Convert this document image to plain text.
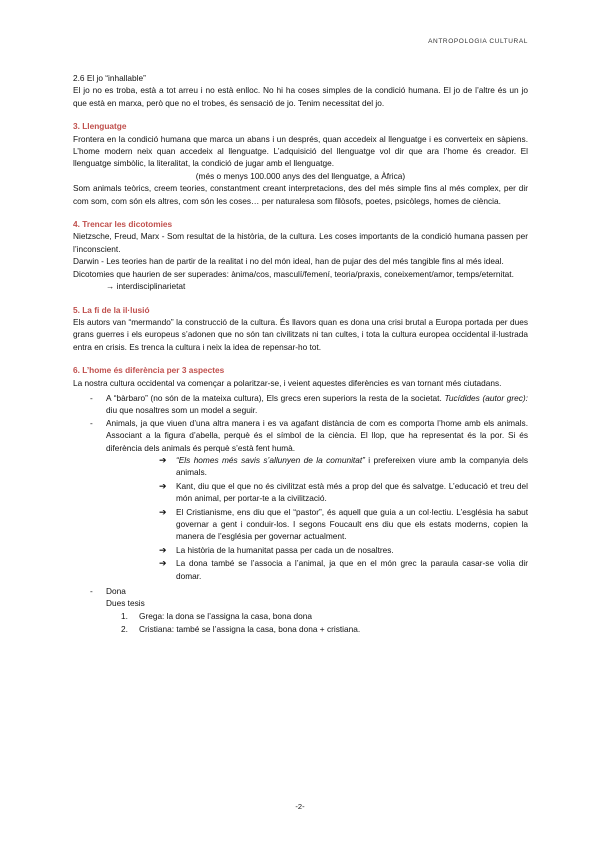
ANTROPOLOGIA CULTURAL

2.6 El jo “inhallable”

El jo no es troba, està a tot arreu i no està enlloc. No hi ha coses simples de la condició humana. El jo de l’altre és un jo que està en marxa, però que no el trobes, és sensació de jo. Tenim necessitat del jo.

3. Llenguatge

Frontera en la condició humana que marca un abans i un després, quan accedeix al llenguatge i es converteix en sàpiens. L’home modern neix quan accedeix al llenguatge. L’adquisició del llenguatge vol dir que ara l’home és creador. El llenguatge simbòlic, la literalitat, la condició de jugar amb el llenguatge.

(més o menys 100.000 anys des del llenguatge, a Àfrica)

Som animals teòrics, creem teories, constantment creant interpretacions, des del més simple fins al més complex, per dir com som, com són els altres, com són les coses… per naturalesa som filòsofs, poetes, psicòlegs, homes de ciència.

4. Trencar les dicotomies

Nietzsche, Freud, Marx - Som resultat de la història, de la cultura. Les coses importants de la condició humana passen per l’inconscient.

Darwin - Les teories han de partir de la realitat i no del món ideal, han de pujar des del més tangible fins al més ideal.

Dicotomies que haurien de ser superades: ànima/cos, masculí/femení, teoria/praxis, coneixement/amor, temps/eternitat.

→ interdisciplinarietat

5. La fi de la il·lusió

Els autors van “mermando” la construcció de la cultura. És llavors quan es dona una crisi brutal a Europa portada per dues grans guerres i els europeus s’adonen que no són tan civilitzats ni tan cultes, i tota la cultura europea occidental il·lustrada entra en crisis. Es trenca la cultura i neix la idea de repensar-ho tot.

6. L’home és diferència per 3 aspectes

La nostra cultura occidental va començar a polaritzar-se, i veient aquestes diferències es van tornant més ciutadans.

- A “bàrbaro” (no són de la mateixa cultura), Els grecs eren superiors la resta de la societat. Tucídides (autor grec): diu que nosaltres som un model a seguir.
- Animals, ja que viuen d’una altra manera i es va agafant distància de com es comporta l’home amb els animals. Associant a la figura d’abella, perquè és el símbol de la ciència. El llop, que ha representat és la por. Si és diferència dels animals és perquè s’està fent humà.
➔ “Els homes més savis s’allunyen de la comunitat” i prefereixen viure amb la companyia dels animals.
➔ Kant, diu que el que no és civilitzat està més a prop del que és salvatge. L’educació et treu del món animal, per portar-te a la civilització.
➔ El Cristianisme, ens diu que el “pastor”, és aquell que guia a un col·lectiu. L’església ha sabut governar a gent i conduir-los. I segons Foucault ens diu que els estats moderns, copien la manera de l’església per governar actualment.
➔ La història de la humanitat passa per cada un de nosaltres.
➔ La dona també se l’associa a l’animal, ja que en el món grec la paraula casar-se volia dir domar.
- Dona

Dues tesis

1. Grega: la dona se l’assigna la casa, bona dona
2. Cristiana: també se l’assigna la casa, bona dona + cristiana.
-2-
